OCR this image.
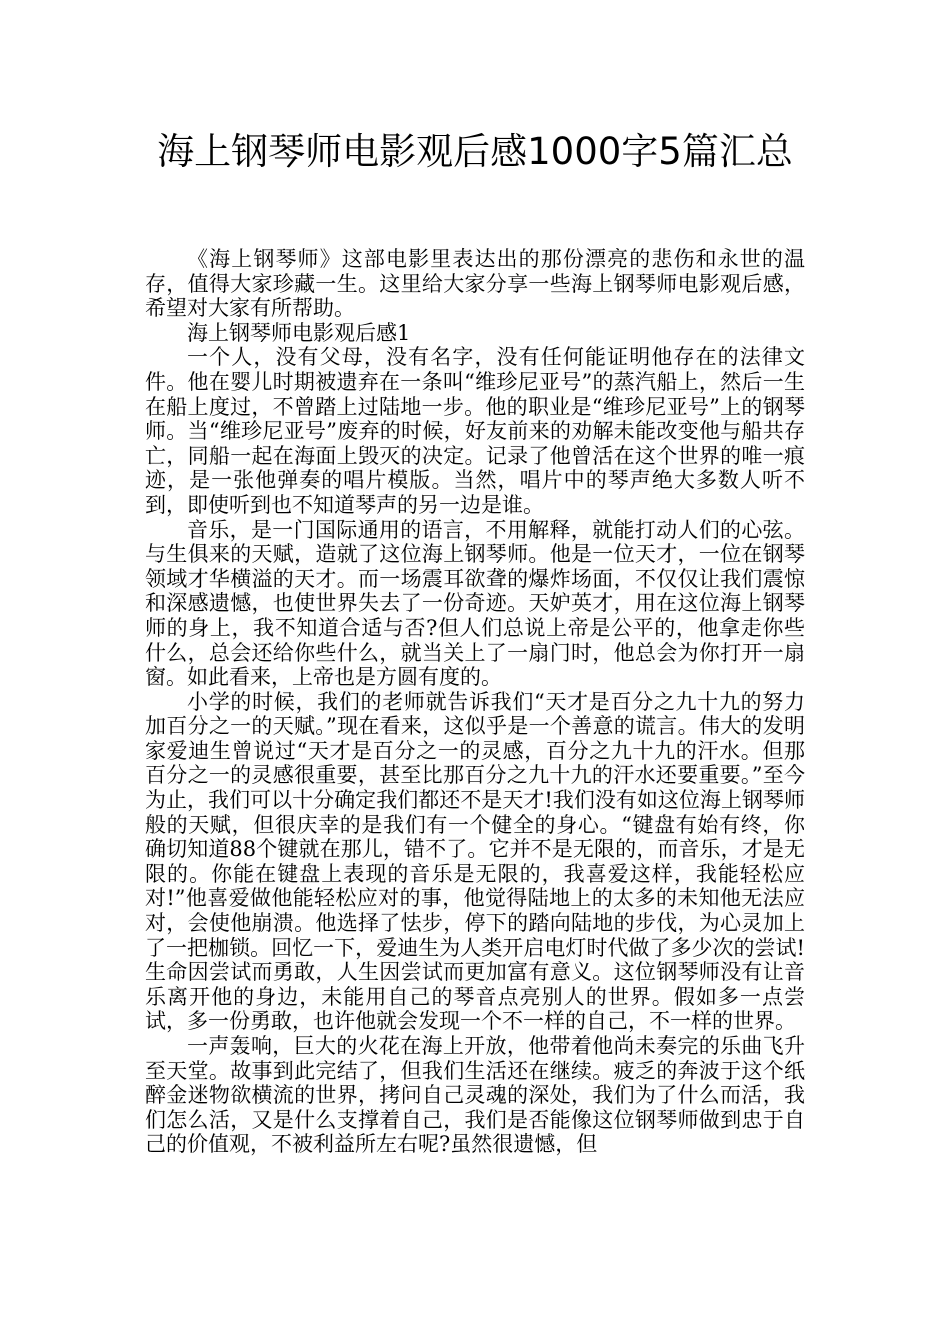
海上钢琴师电影观后感1000字5篇汇总

《海上钢琴师》这部电影里表达出的那份漂亮的悲伤和永世的温存，值得大家珍藏一生。这里给大家分享一些海上钢琴师电影观后感，希望对大家有所帮助。

海上钢琴师电影观后感1

一个人，没有父母，没有名字，没有任何能证明他存在的法律文件。他在婴儿时期被遗弃在一条叫“维珍尼亚号”的蒸汽船上，然后一生在船上度过，不曾踏上过陆地一步。他的职业是“维珍尼亚号”上的钢琴师。当“维珍尼亚号”废弃的时候，好友前来的劝解未能改变他与船共存亡，同船一起在海面上毁灭的决定。记录了他曾活在这个世界的唯一痕迹，是一张他弹奏的唱片模版。当然，唱片中的琴声绝大多数人听不到，即使听到也不知道琴声的另一边是谁。

音乐，是一门国际通用的语言，不用解释，就能打动人们的心弦。与生俱来的天赋，造就了这位海上钢琴师。他是一位天才，一位在钢琴领域才华横溢的天才。而一场震耳欲聋的爆炸场面，不仅仅让我们震惊和深感遗憾，也使世界失去了一份奇迹。天妒英才，用在这位海上钢琴师的身上，我不知道合适与否?但人们总说上帝是公平的，他拿走你些什么，总会还给你些什么，就当关上了一扇门时，他总会为你打开一扇窗。如此看来，上帝也是方圆有度的。

小学的时候，我们的老师就告诉我们“天才是百分之九十九的努力加百分之一的天赋。”现在看来，这似乎是一个善意的谎言。伟大的发明家爱迪生曾说过“天才是百分之一的灵感，百分之九十九的汗水。但那百分之一的灵感很重要，甚至比那百分之九十九的汗水还要重要。”至今为止，我们可以十分确定我们都还不是天才!我们没有如这位海上钢琴师般的天赋，但很庆幸的是我们有一个健全的身心。“键盘有始有终，你确切知道88个键就在那儿，错不了。它并不是无限的，而音乐，才是无限的。你能在键盘上表现的音乐是无限的，我喜爱这样，我能轻松应对!”他喜爱做他能轻松应对的事，他觉得陆地上的太多的未知他无法应对，会使他崩溃。他选择了怯步，停下的踏向陆地的步伐，为心灵加上了一把枷锁。回忆一下，爱迪生为人类开启电灯时代做了多少次的尝试!生命因尝试而勇敢，人生因尝试而更加富有意义。这位钢琴师没有让音乐离开他的身边，未能用自己的琴音点亮别人的世界。假如多一点尝试，多一份勇敢，也许他就会发现一个不一样的自己，不一样的世界。

一声轰响，巨大的火花在海上开放，他带着他尚未奏完的乐曲飞升至天堂。故事到此完结了，但我们生活还在继续。疲乏的奔波于这个纸醉金迷物欲横流的世界，拷问自己灵魂的深处，我们为了什么而活，我们怎么活，又是什么支撑着自己，我们是否能像这位钢琴师做到忠于自己的价值观，不被利益所左右呢?虽然很遗憾，但
